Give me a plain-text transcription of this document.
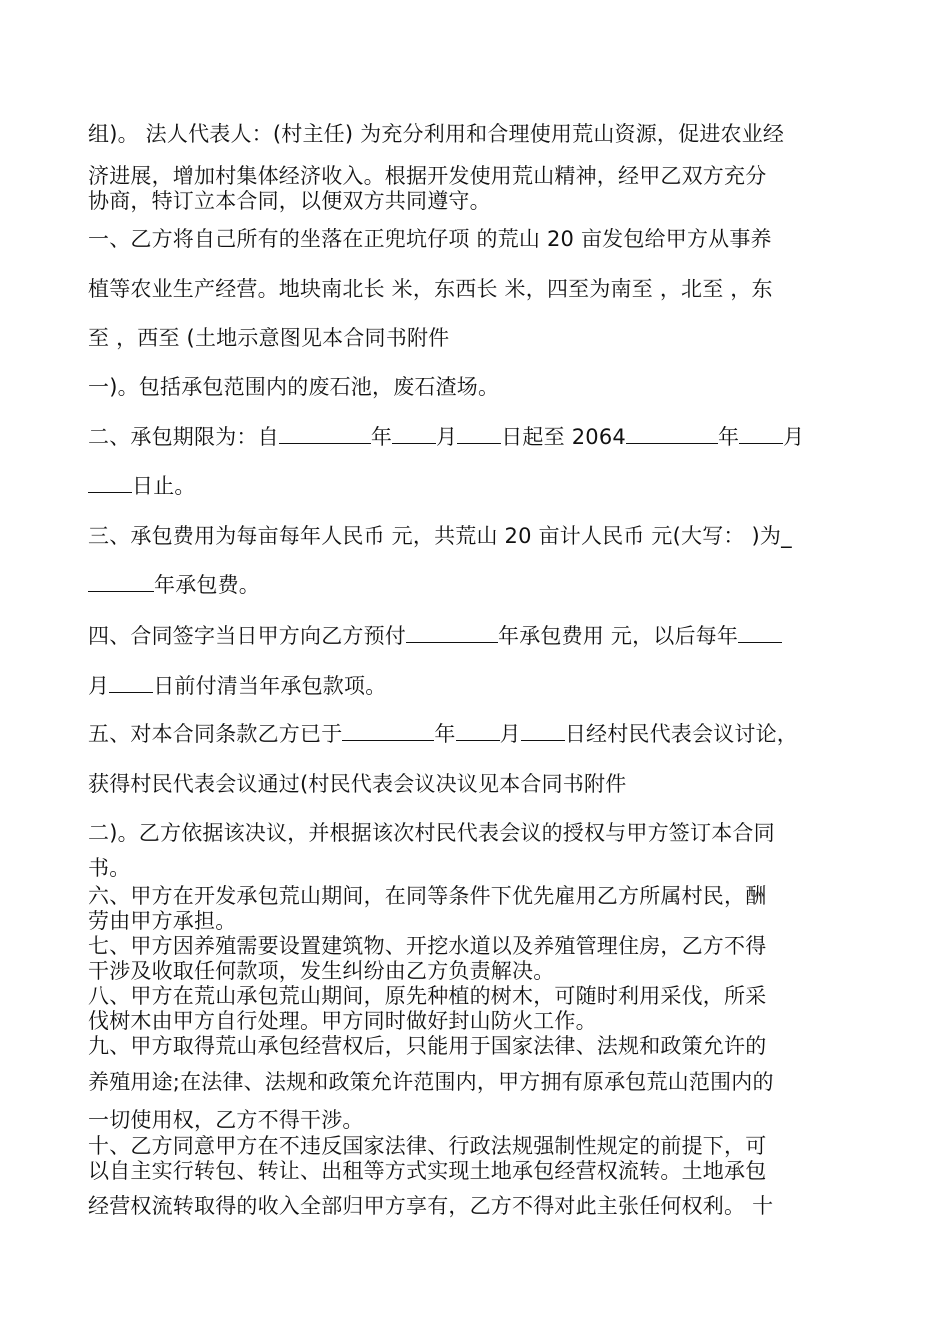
组)。 法人代表人：(村主任) 为充分利用和合理使用荒山资源，促进农业经
济进展，增加村集体经济收入。根据开发使用荒山精神，经甲乙双方充分
协商，特订立本合同，以便双方共同遵守。
一、乙方将自己所有的坐落在正兜坑仔项 的荒山 20 亩发包给甲方从事养
植等农业生产经营。地块南北长 米，东西长 米，四至为南至 ，北至 ，东
至 ，西至 (土地示意图见本合同书附件
一)。包括承包范围内的废石池，废石渣场。
二、承包期限为：自	年 月 日起至 2064	年 月
日止。
三、承包费用为每亩每年人民币 元，共荒山 20 亩计人民币 元(大写： )为_
年承包费。
四、合同签字当日甲方向乙方预付	年承包费用 元，以后每年
月 日前付清当年承包款项。
五、对本合同条款乙方已于	年 月 日经村民代表会议讨论，
获得村民代表会议通过(村民代表会议决议见本合同书附件
二)。乙方依据该决议，并根据该次村民代表会议的授权与甲方签订本合同
书。
六、甲方在开发承包荒山期间，在同等条件下优先雇用乙方所属村民，酬
劳由甲方承担。
七、甲方因养殖需要设置建筑物、开挖水道以及养殖管理住房，乙方不得
干涉及收取任何款项，发生纠纷由乙方负责解决。
八、甲方在荒山承包荒山期间，原先种植的树木，可随时利用采伐，所采
伐树木由甲方自行处理。甲方同时做好封山防火工作。
九、甲方取得荒山承包经营权后，只能用于国家法律、法规和政策允许的
养殖用途;在法律、法规和政策允许范围内，甲方拥有原承包荒山范围内的
一切使用权，乙方不得干涉。
十、乙方同意甲方在不违反国家法律、行政法规强制性规定的前提下，可
以自主实行转包、转让、出租等方式实现土地承包经营权流转。土地承包
经营权流转取得的收入全部归甲方享有，乙方不得对此主张任何权利。 十
